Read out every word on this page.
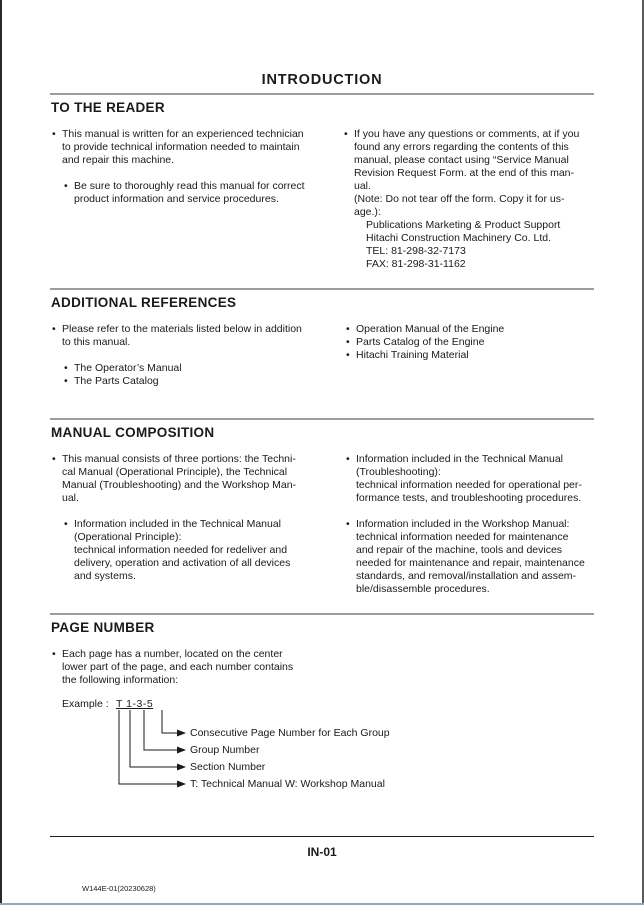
INTRODUCTION
TO THE READER
• This manual is written for an experienced technician
to provide technical information needed to maintain
and repair this machine.
• Be sure to thoroughly read this manual for correct
product information and service procedures.
• If you have any questions or comments, at if you
found any errors regarding the contents of this
manual, please contact using “Service Manual
Revision Request Form. at the end of this man-
ual.
(Note: Do not tear off the form. Copy it for us-
age.):
Publications Marketing & Product Support
Hitachi Construction Machinery Co. Ltd.
TEL: 81-298-32-7173
FAX: 81-298-31-1162
ADDITIONAL REFERENCES
• Please refer to the materials listed below in addition
to this manual.
• The Operator’s Manual
• The Parts Catalog
• Operation Manual of the Engine
• Parts Catalog of the Engine
• Hitachi Training Material
MANUAL COMPOSITION
• This manual consists of three portions: the Techni-
cal Manual (Operational Principle), the Technical
Manual (Troubleshooting) and the Workshop Man-
ual.
• Information included in the Technical Manual
(Operational Principle):
technical information needed for redeliver and
delivery, operation and activation of all devices
and systems.
• Information included in the Technical Manual
(Troubleshooting):
technical information needed for operational per-
formance tests, and troubleshooting procedures.
• Information included in the Workshop Manual:
technical information needed for maintenance
and repair of the machine, tools and devices
needed for maintenance and repair, maintenance
standards, and removal/installation and assem-
ble/disassemble procedures.
PAGE NUMBER
• Each page has a number, located on the center
lower part of the page, and each number contains
the following information:
Example : T 1-3-5
Consecutive Page Number for Each Group
Group Number
Section Number
T: Technical Manual W: Workshop Manual
IN-01
W144E-01(20230628)
